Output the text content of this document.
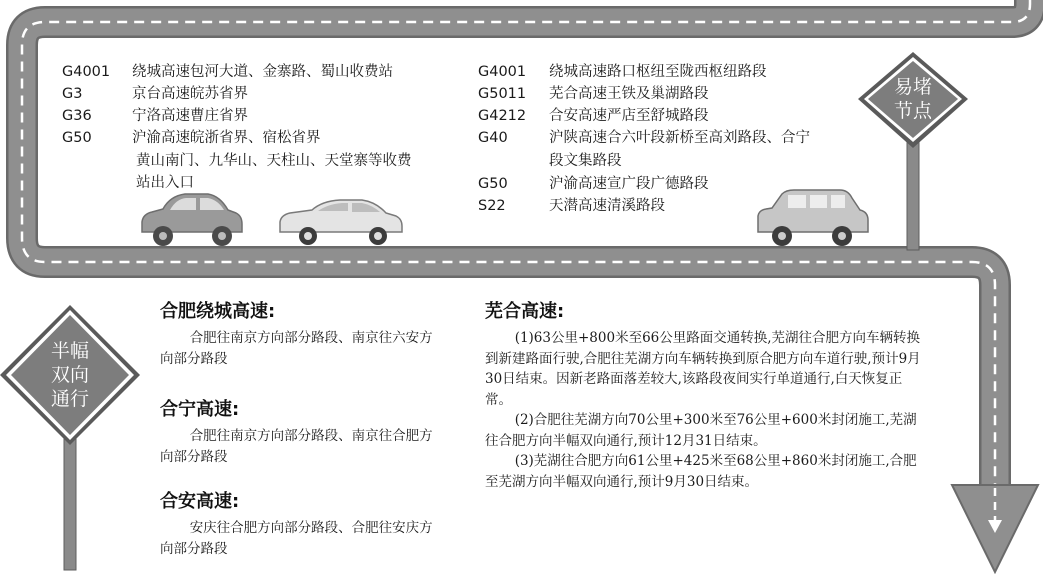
易堵
节点
半幅
双向
通行
G4001 绕城高速包河大道、金寨路、蜀山收费站
G3	京台高速皖苏省界
G36	宁洛高速曹庄省界
G50	沪渝高速皖浙省界、宿松省界
黄山南门、九华山、天柱山、天堂寨等收费
站出入口
G4001 绕城高速路口枢纽至陇西枢纽路段
G5011 芜合高速王铁及巢湖路段
G4212 合安高速严店至舒城路段
G40	沪陕高速合六叶段新桥至高刘路段、合宁
段文集路段
G50	沪渝高速宣广段广德路段
S22	天潜高速清溪路段
合肥绕城高速:

合肥往南京方向部分路段、南京往六安方向部分路段

合宁高速:

合肥往南京方向部分路段、南京往合肥方向部分路段

合安高速:

安庆往合肥方向部分路段、合肥往安庆方向部分路段

芜合高速:

(1)63公里+800米至66公里路面交通转换,芜湖往合肥方向车辆转换到新建路面行驶,合肥往芜湖方向车辆转换到原合肥方向车道行驶,预计9月30日结束。因新老路面落差较大,该路段夜间实行单道通行,白天恢复正常。

(2)合肥往芜湖方向70公里+300米至76公里+600米封闭施工,芜湖往合肥方向半幅双向通行,预计12月31日结束。

(3)芜湖往合肥方向61公里+425米至68公里+860米封闭施工,合肥至芜湖方向半幅双向通行,预计9月30日结束。
